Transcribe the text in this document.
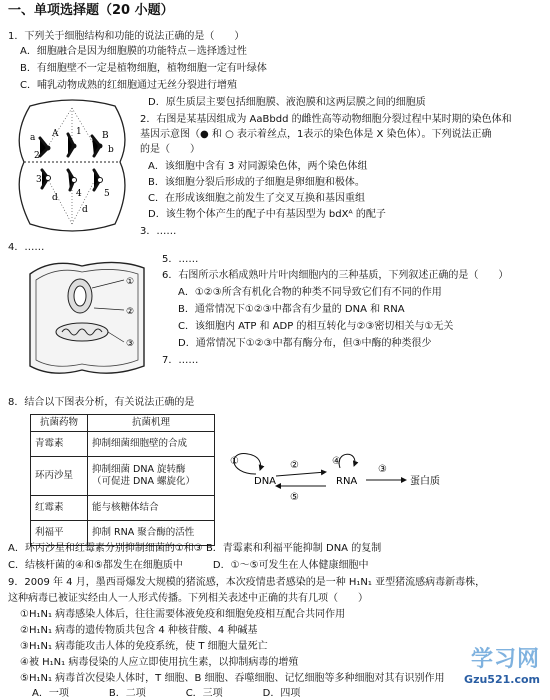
一、单项选择题（20 小题）
1．下列关于细胞结构和功能的说法正确的是（　　）
A．细胞融合是因为细胞膜的功能特点－选择透过性
B．有细胞壁不一定是植物细胞，植物细胞一定有叶绿体
C．哺乳动物成熟的红细胞通过无丝分裂进行增殖
D．原生质层主要包括细胞膜、液泡膜和这两层膜之间的细胞质
a A	B
b
1
2
3
4 5
d
d
2．右图是某基因组成为 AaBbdd 的雌性高等动物细胞分裂过程中某时期的染色体和
基因示意图（● 和 ○ 表示着丝点，1表示的染色体是 X 染色体）。下列说法正确
的是（　　）
A．该细胞中含有 3 对同源染色体，两个染色体组
B．该细胞分裂后形成的子细胞是卵细胞和极体。
C．在形成该细胞之前发生了交叉互换和基因重组
D．该生物个体产生的配子中有基因型为 bdXᴬ 的配子
3．……
4．……
①
②
③
5．……
6．右图所示水稻成熟叶片叶肉细胞内的三种基质，下列叙述正确的是（　　）
A．①②③所含有机化合物的种类不同导致它们有不同的作用
B．通常情况下①②③中都含有少量的 DNA 和 RNA
C．该细胞内 ATP 和 ADP 的相互转化与②③密切相关与①无关
D．通常情况下①②③中都有酶分布，但③中酶的种类很少
7．……
8．结合以下图表分析，有关说法正确的是
抗菌药物	抗菌机理
青霉素	抑制细菌细胞壁的合成
环丙沙星	抑制细菌 DNA 旋转酶
（可促进 DNA 螺旋化）

红霉素	能与核糖体结合
利福平	抑制 RNA 聚合酶的活性
①
DNA
②
⑤
④
RNA
③
蛋白质
A．环丙沙星和红霉素分别抑制细菌的①和③ B．青霉素和利福平能抑制 DNA 的复制
C．结核杆菌的④和⑤都发生在细胞质中　　　D．①～⑤可发生在人体健康细胞中
9．2009 年 4 月，墨西哥爆发大规模的猪流感，本次疫情患者感染的是一种 H₁N₁ 亚型猪流感病毒新毒株，
这种病毒已被证实经由人一人形式传播。下列相关表述中正确的共有几项（　　）
①H₁N₁ 病毒感染人体后，往往需要体液免疫和细胞免疫相互配合共同作用
②H₁N₁ 病毒的遗传物质共包含 4 种核苷酸、4 种碱基
③H₁N₁ 病毒能攻击人体的免疫系统，使 T 细胞大量死亡
④被 H₁N₁ 病毒侵染的人应立即使用抗生素，以抑制病毒的增殖
⑤H₁N₁ 病毒首次侵染人体时，T 细胞、B 细胞、吞噬细胞、记忆细胞等多种细胞对其有识别作用
A．一项　　　　B．二项　　　　C．三项　　　　D．四项
学习网
Gzu521.com
